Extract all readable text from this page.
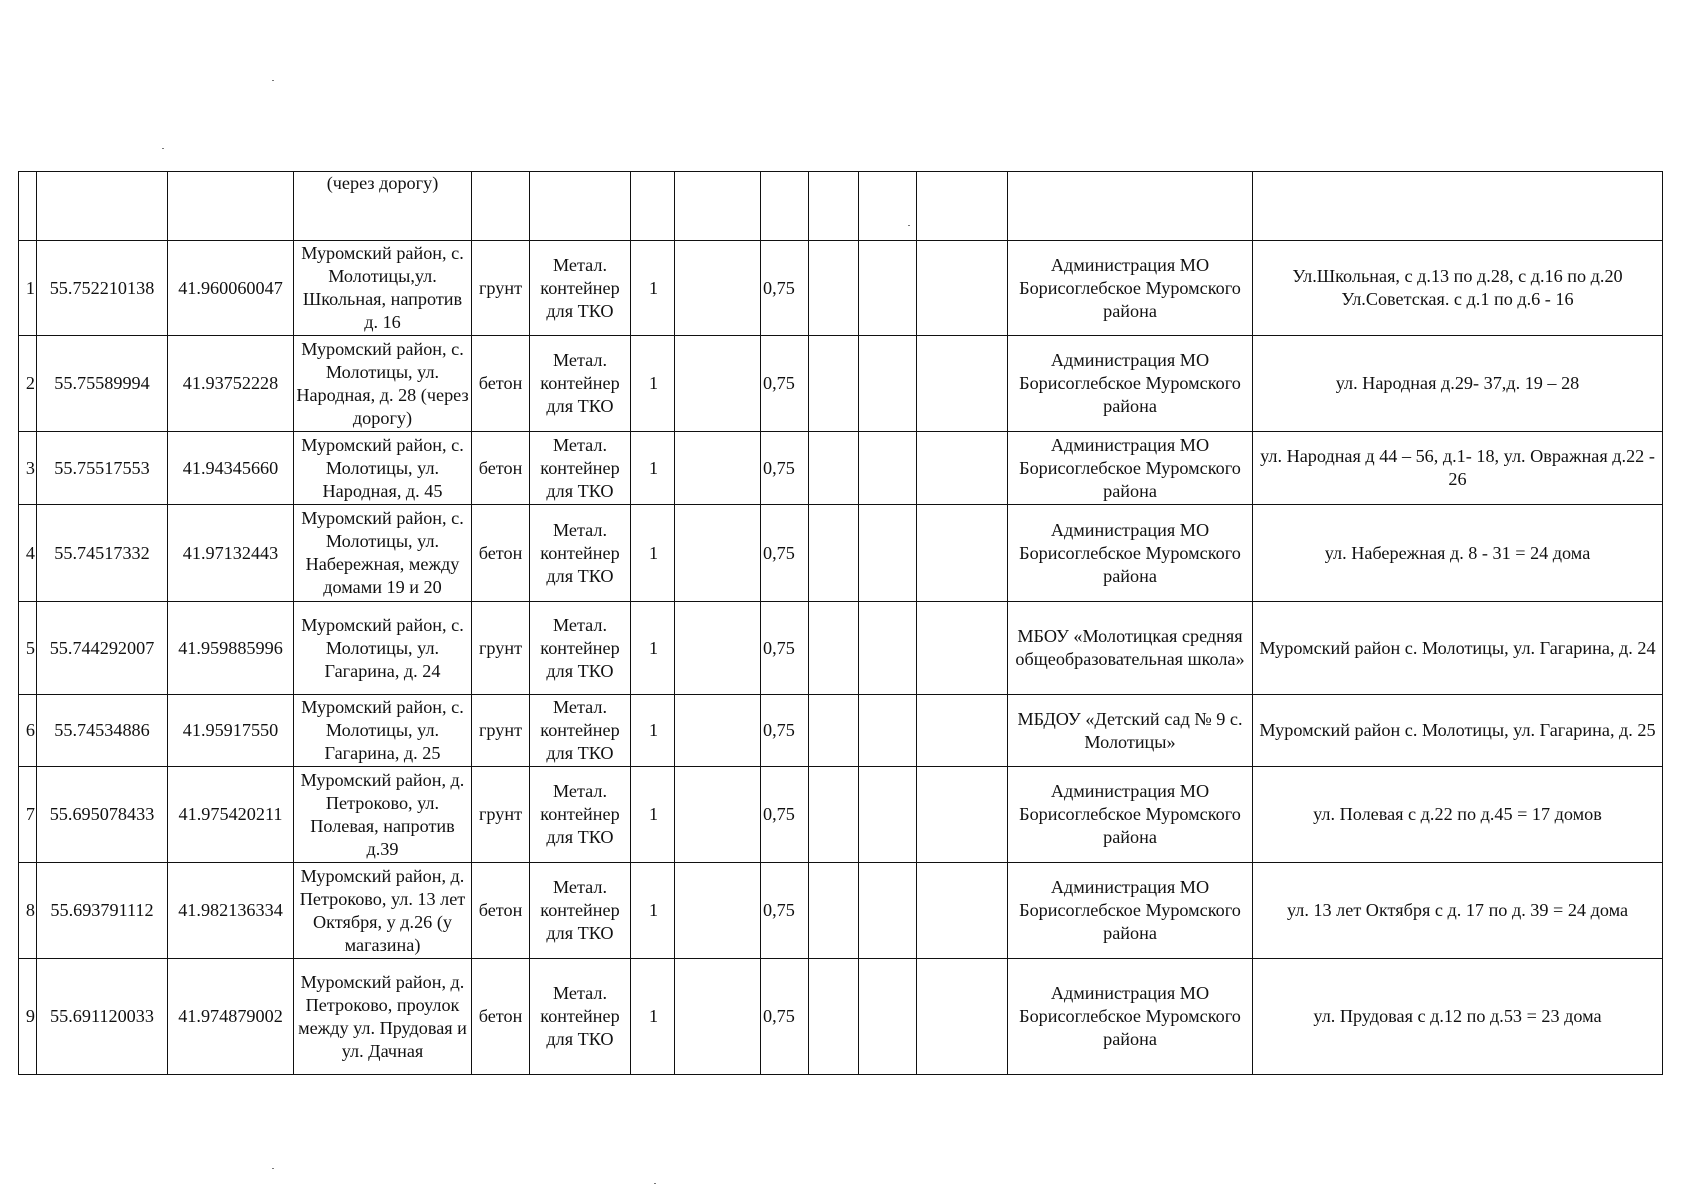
			(через дорогу)										
1	55.752210138	41.960060047	Муромский район, с. Молотицы,ул. Школьная, напротив д. 16	грунт	Метал. контейнер для ТКО	1		0,75				Администрация МО Борисоглебское Муромского района	Ул.Школьная, с д.13 по д.28, с д.16 по д.20 Ул.Советская. с д.1 по д.6 - 16
2	55.75589994	41.93752228	Муромский район, с. Молотицы, ул. Народная, д. 28 (через дорогу)	бетон	Метал. контейнер для ТКО	1		0,75				Администрация МО Борисоглебское Муромского района	ул. Народная д.29- 37,д. 19 – 28
3	55.75517553	41.94345660	Муромский район, с. Молотицы, ул. Народная, д. 45	бетон	Метал. контейнер для ТКО	1		0,75				Администрация МО Борисоглебское Муромского района	ул. Народная д 44 – 56, д.1- 18, ул. Овражная д.22 - 26
4	55.74517332	41.97132443	Муромский район, с. Молотицы, ул. Набережная, между домами 19 и 20	бетон	Метал. контейнер для ТКО	1		0,75				Администрация МО Борисоглебское Муромского района	ул. Набережная д. 8 - 31 = 24 дома
5	55.744292007	41.959885996	Муромский район, с. Молотицы, ул. Гагарина, д. 24	грунт	Метал. контейнер для ТКО	1		0,75				МБОУ «Молотицкая средняя общеобразовательная школа»	Муромский район с. Молотицы, ул. Гагарина, д. 24
6	55.74534886	41.95917550	Муромский район, с. Молотицы, ул. Гагарина, д. 25	грунт	Метал. контейнер для ТКО	1		0,75				МБДОУ «Детский сад № 9 с. Молотицы»	Муромский район с. Молотицы, ул. Гагарина, д. 25
7	55.695078433	41.975420211	Муромский район, д. Петроково, ул. Полевая, напротив д.39	грунт	Метал. контейнер для ТКО	1		0,75				Администрация МО Борисоглебское Муромского района	ул. Полевая с д.22 по д.45 = 17 домов
8	55.693791112	41.982136334	Муромский район, д. Петроково, ул. 13 лет Октября, у д.26 (у магазина)	бетон	Метал. контейнер для ТКО	1		0,75				Администрация МО Борисоглебское Муромского района	ул. 13 лет Октября с д. 17 по д. 39 = 24 дома
9	55.691120033	41.974879002	Муромский район, д. Петроково, проулок между ул. Прудовая и ул. Дачная	бетон	Метал. контейнер для ТКО	1		0,75				Администрация МО Борисоглебское Муромского района	ул. Прудовая с д.12 по д.53 = 23 дома
